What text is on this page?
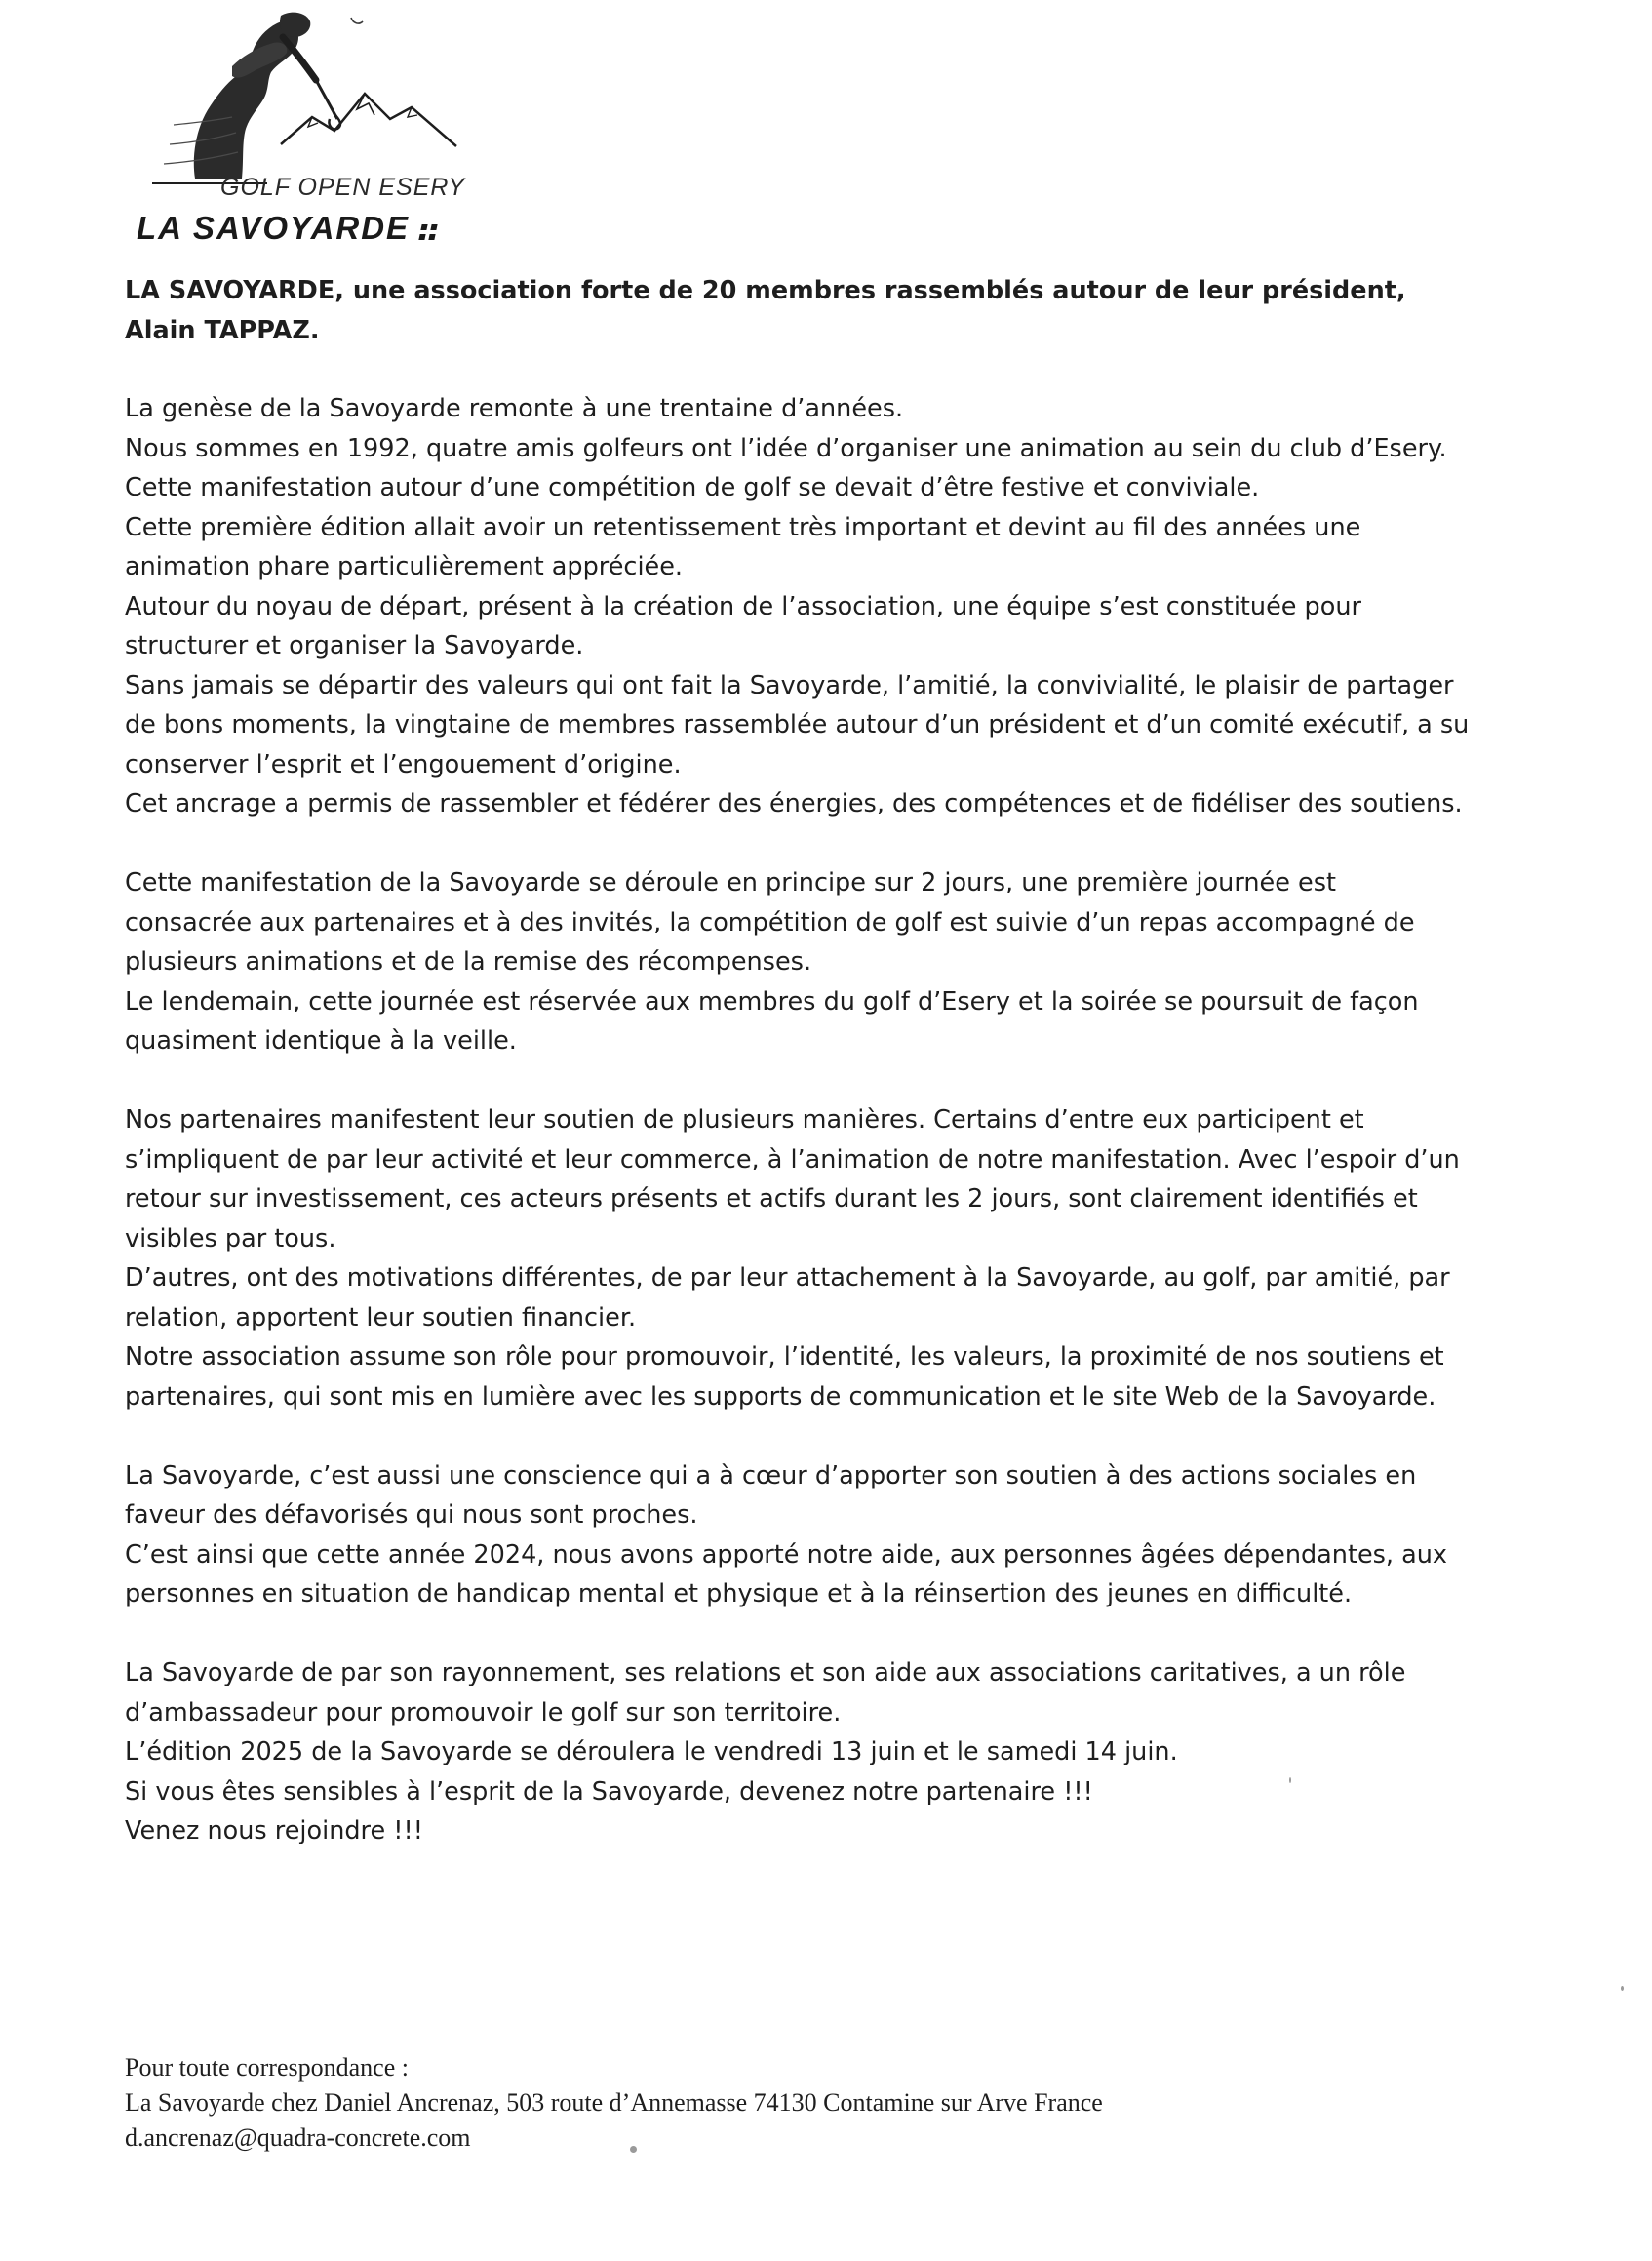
GOLF OPEN ESERY
LA SAVOYARDE
LA SAVOYARDE, une association forte de 20 membres rassemblés autour de leur président,
Alain TAPPAZ.
La genèse de la Savoyarde remonte à une trentaine d’années.
Nous sommes en 1992, quatre amis golfeurs ont l’idée d’organiser une animation au sein du club d’Esery.
Cette manifestation autour d’une compétition de golf se devait d’être festive et conviviale.
Cette première édition allait avoir un retentissement très important et devint au fil des années une
animation phare particulièrement appréciée.
Autour du noyau de départ, présent à la création de l’association, une équipe s’est constituée pour
structurer et organiser la Savoyarde.
Sans jamais se départir des valeurs qui ont fait la Savoyarde, l’amitié, la convivialité, le plaisir de partager
de bons moments, la vingtaine de membres rassemblée autour d’un président et d’un comité exécutif, a su
conserver l’esprit et l’engouement d’origine.
Cet ancrage a permis de rassembler et fédérer des énergies, des compétences et de fidéliser des soutiens.
Cette manifestation de la Savoyarde se déroule en principe sur 2 jours, une première journée est
consacrée aux partenaires et à des invités, la compétition de golf est suivie d’un repas accompagné de
plusieurs animations et de la remise des récompenses.
Le lendemain, cette journée est réservée aux membres du golf d’Esery et la soirée se poursuit de façon
quasiment identique à la veille.
Nos partenaires manifestent leur soutien de plusieurs manières. Certains d’entre eux participent et
s’impliquent de par leur activité et leur commerce, à l’animation de notre manifestation. Avec l’espoir d’un
retour sur investissement, ces acteurs présents et actifs durant les 2 jours, sont clairement identifiés et
visibles par tous.
D’autres, ont des motivations différentes, de par leur attachement à la Savoyarde, au golf, par amitié, par
relation, apportent leur soutien financier.
Notre association assume son rôle pour promouvoir, l’identité, les valeurs, la proximité de nos soutiens et
partenaires, qui sont mis en lumière avec les supports de communication et le site Web de la Savoyarde.
La Savoyarde, c’est aussi une conscience qui a à cœur d’apporter son soutien à des actions sociales en
faveur des défavorisés qui nous sont proches.
C’est ainsi que cette année 2024, nous avons apporté notre aide, aux personnes âgées dépendantes, aux
personnes en situation de handicap mental et physique et à la réinsertion des jeunes en difficulté.
La Savoyarde de par son rayonnement, ses relations et son aide aux associations caritatives, a un rôle
d’ambassadeur pour promouvoir le golf sur son territoire.
L’édition 2025 de la Savoyarde se déroulera le vendredi 13 juin et le samedi 14 juin.
Si vous êtes sensibles à l’esprit de la Savoyarde, devenez notre partenaire !!!
Venez nous rejoindre !!!
Pour toute correspondance :
La Savoyarde chez Daniel Ancrenaz, 503 route d’Annemasse 74130 Contamine sur Arve France
d.ancrenaz@quadra-concrete.com
